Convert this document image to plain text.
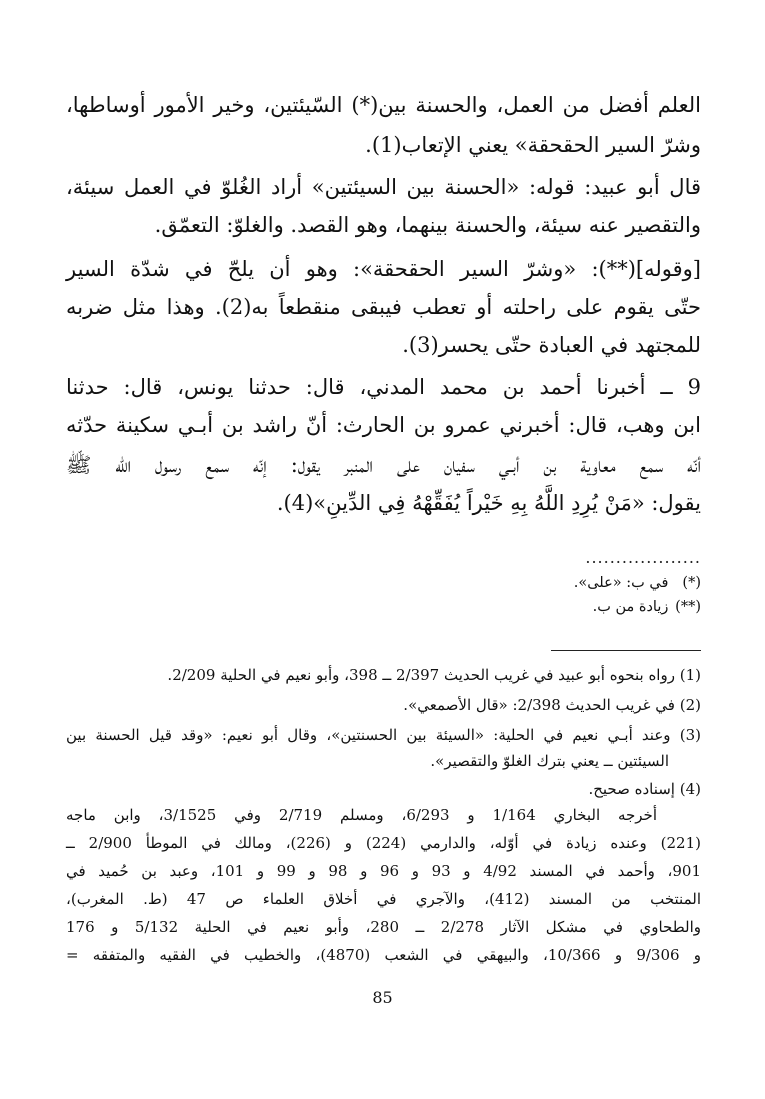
العلم أفضل من العمل، والحسنة بين(*) السّيئتين، وخير الأمور أوساطها،
وشرّ السير الحقحقة» يعني الإتعاب(1).
قال أبو عبيد: قوله: «الحسنة بين السيئتين» أراد الغُلوّ في العمل سيئة،
والتقصير عنه سيئة، والحسنة بينهما، وهو القصد. والغلوّ: التعمّق.
[وقوله](**): «وشرّ السير الحقحقة»: وهو أن يلحّ في شدّة السير
حتّى يقوم على راحلته أو تعطب فيبقى منقطعاً به(2). وهذا مثل ضربه
للمجتهد في العبادة حتّى يحسر(3).
9 ــ أخبرنا أحمد بن محمد المدني، قال: حدثنا يونس، قال: حدثنا
ابن وهب، قال: أخبرني عمرو بن الحارث: أنّ راشد بن أبـي سكينة حدّثه
أنّه سمع معاوية بن أبـي سفيان على المنبر يقول: إنّه سمع رسول الله ﷺ
يقول: «مَنْ يُرِدِ اللَّهُ بِهِ خَيْراً يُفَقِّهْهُ فِي الدِّينِ»(4).
...................
(*) في ب: «على».
(**) زيادة من ب.
(1) رواه بنحوه أبو عبيد في غريب الحديث 2/397 ــ 398، وأبو نعيم في الحلية 2/209.
(2) في غريب الحديث 2/398: «قال الأصمعي».
(3) وعند أبـي نعيم في الحلية: «السيئة بين الحسنتين»، وقال أبو نعيم: «وقد قيل الحسنة بين
السيئتين ــ يعني بترك الغلوّ والتقصير».
(4) إسناده صحيح.
أخرجه البخاري 1/164 و 6/293، ومسلم 2/719 وفي 3/1525، وابن ماجه
(221) وعنده زيادة في أوّله، والدارمي (224) و (226)، ومالك في الموطأ 2/900 ــ
901، وأحمد في المسند 4/92 و 93 و 96 و 98 و 99 و 101، وعبد بن حُميد في
المنتخب من المسند (412)، والآجري في أخلاق العلماء ص 47 (ط. المغرب)،
والطحاوي في مشكل الآثار 2/278 ــ 280، وأبو نعيم في الحلية 5/132 و 176
و 9/306 و 10/366، والبيهقي في الشعب (4870)، والخطيب في الفقيه والمتفقه =
85
